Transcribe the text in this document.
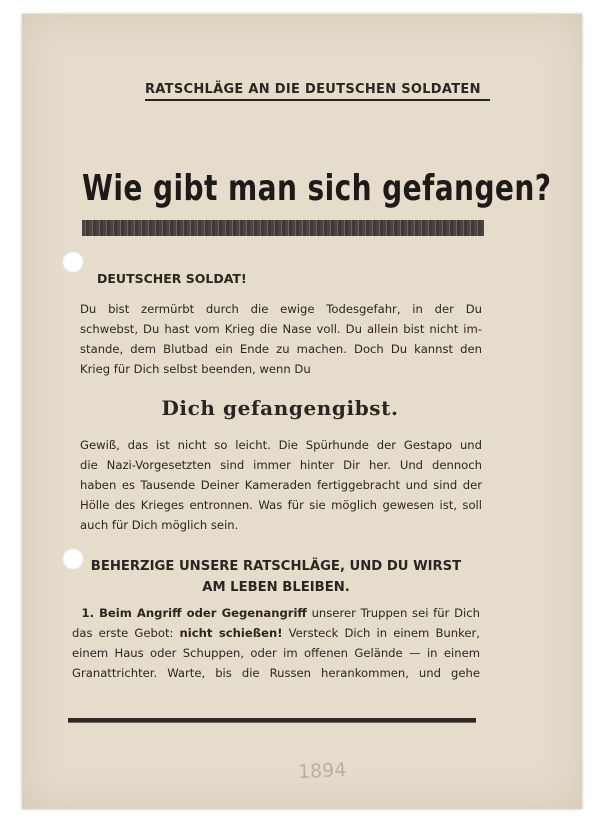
RATSCHLÄGE AN DIE DEUTSCHEN SOLDATEN
Wie gibt man sich gefangen?
DEUTSCHER SOLDAT!
Du bist zermürbt durch die ewige Todesgefahr, in der Du
schwebst, Du hast vom Krieg die Nase voll. Du allein bist nicht im-
stande, dem Blutbad ein Ende zu machen. Doch Du kannst den
Krieg für Dich selbst beenden, wenn Du
Dich gefangengibst.
Gewiß, das ist nicht so leicht. Die Spürhunde der Gestapo und
die Nazi-Vorgesetzten sind immer hinter Dir her. Und dennoch
haben es Tausende Deiner Kameraden fertiggebracht und sind der
Hölle des Krieges entronnen. Was für sie möglich gewesen ist, soll
auch für Dich möglich sein.
BEHERZIGE UNSERE RATSCHLÄGE, UND DU WIRST
AM LEBEN BLEIBEN.
1. Beim Angriff oder Gegenangriff unserer Truppen sei für Dich
das erste Gebot: nicht schießen! Versteck Dich in einem Bunker,
einem Haus oder Schuppen, oder im offenen Gelände — in einem
Granattrichter. Warte, bis die Russen herankommen, und gehe
1894
